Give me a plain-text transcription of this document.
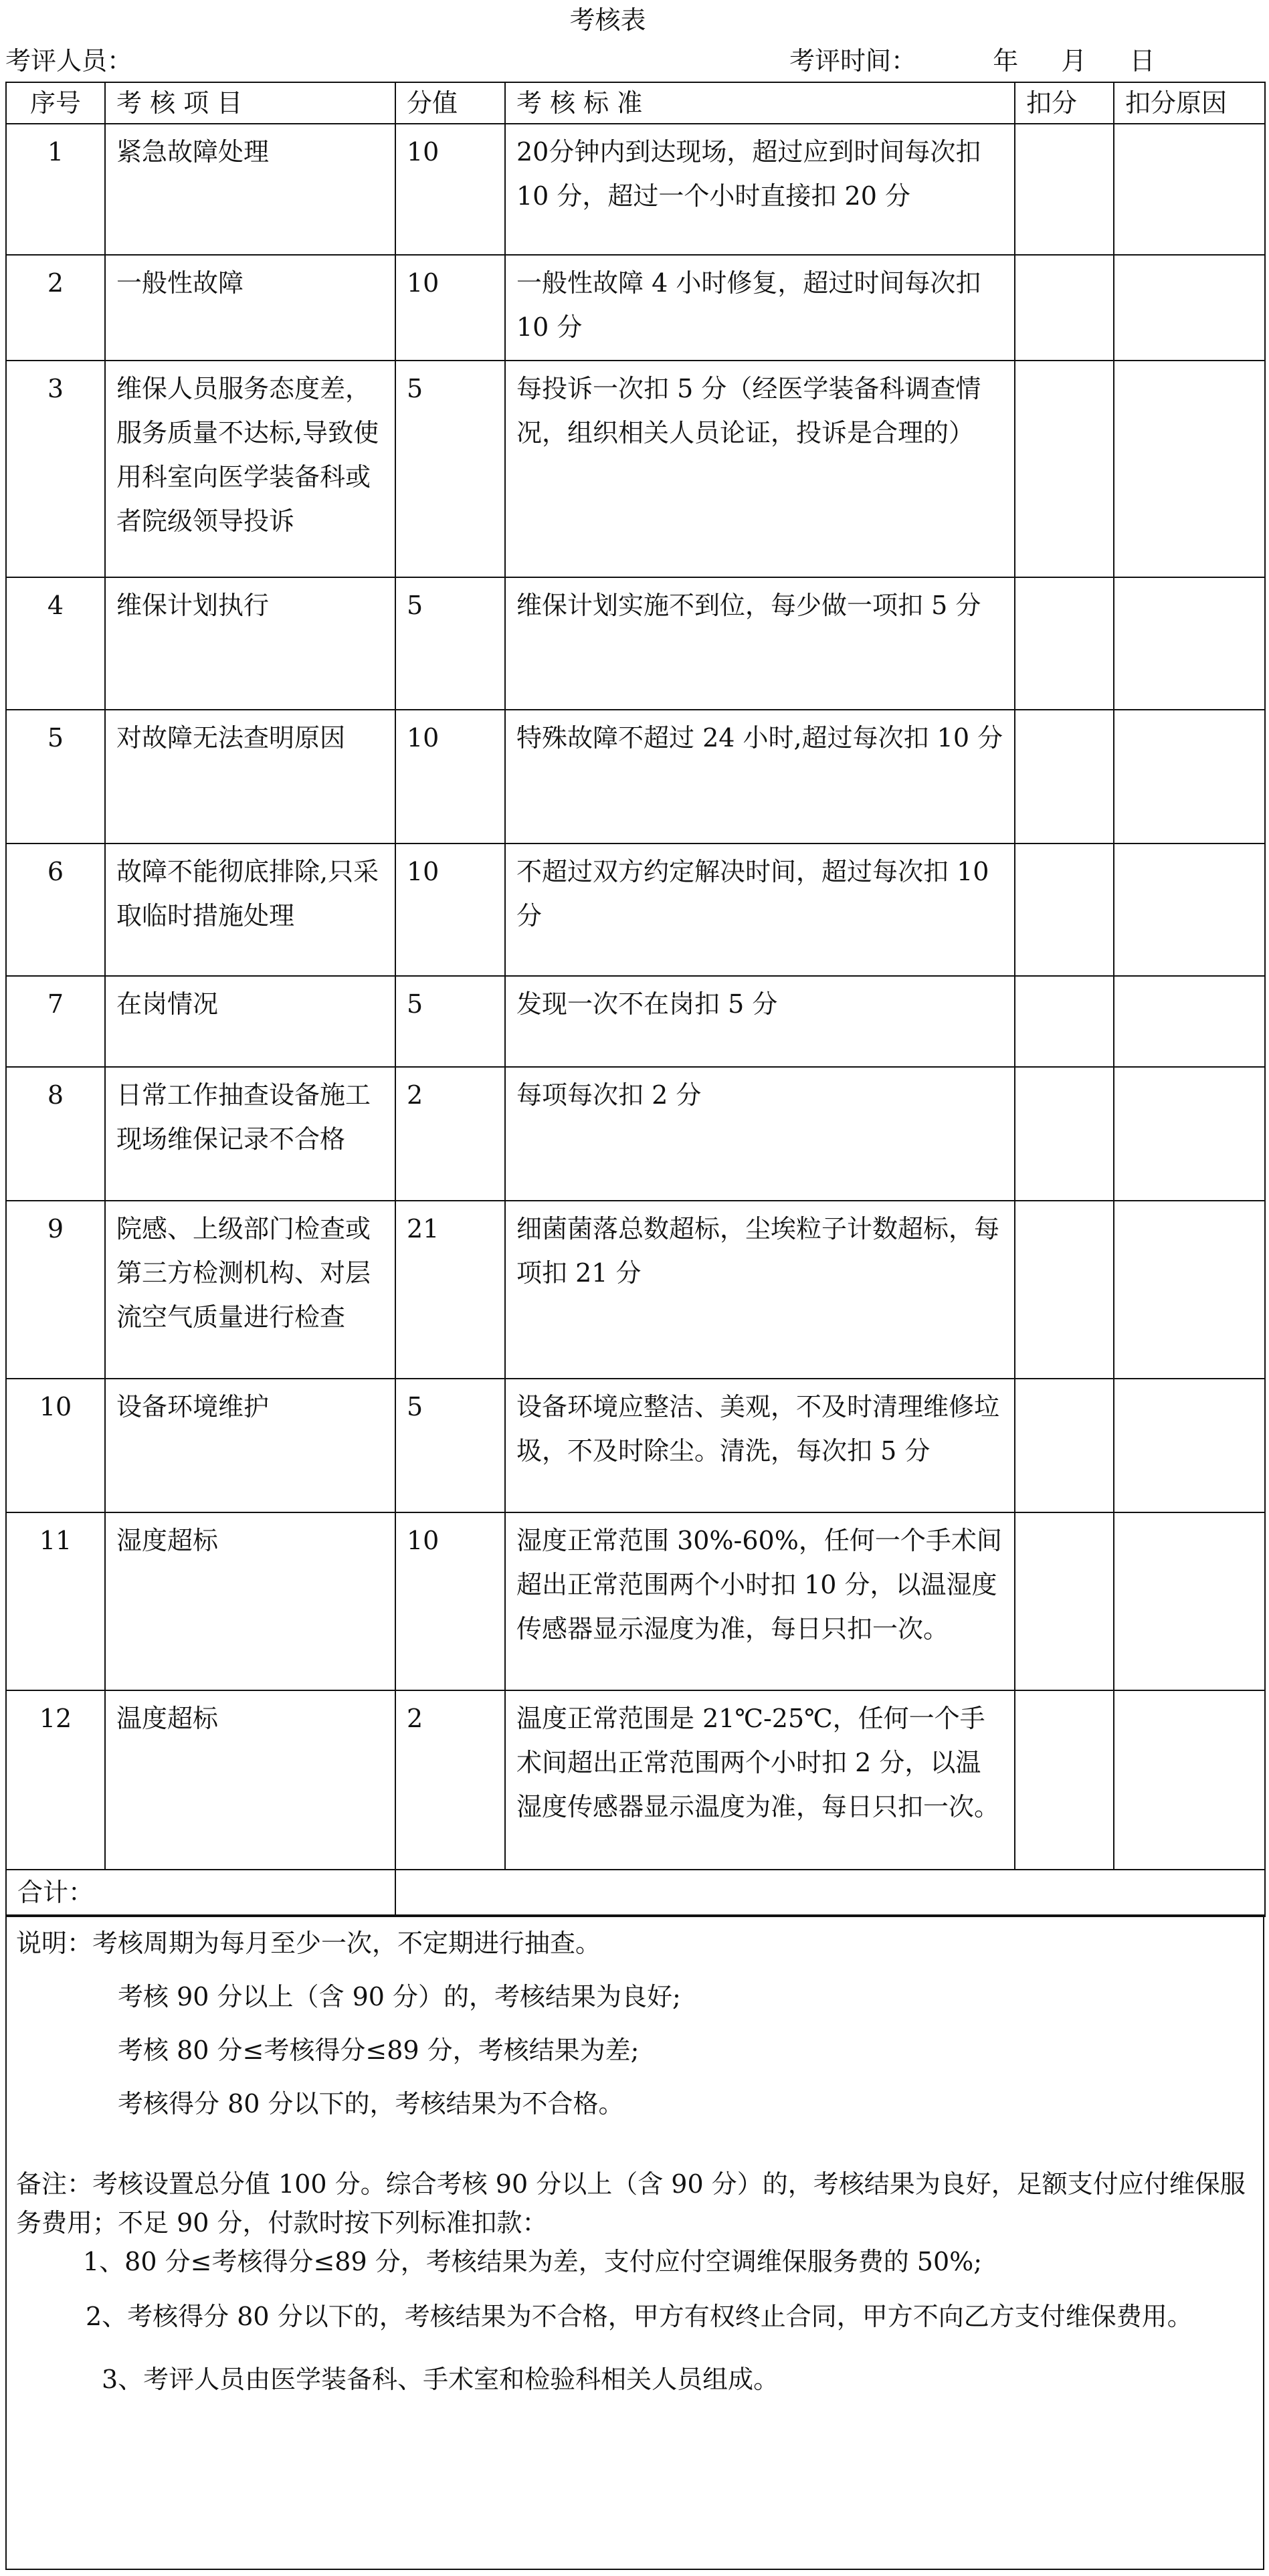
考核表
考评人员：	考评时间：	年 月 日
序号	考 核 项 目	分值	考 核 标 准	扣分	扣分原因
1	紧急故障处理	10	20分钟内到达现场，超过应到时间每次扣 10 分，超过一个小时直接扣 20 分		
2	一般性故障	10	一般性故障 4 小时修复，超过时间每次扣 10 分		
3	维保人员服务态度差，服务质量不达标,导致使用科室向医学装备科或者院级领导投诉	5	每投诉一次扣 5 分（经医学装备科调查情况，组织相关人员论证，投诉是合理的）		
4	维保计划执行	5	维保计划实施不到位，每少做一项扣 5 分		
5	对故障无法查明原因	10	特殊故障不超过 24 小时,超过每次扣 10 分		
6	故障不能彻底排除,只采取临时措施处理	10	不超过双方约定解决时间，超过每次扣 10 分		
7	在岗情况	5	发现一次不在岗扣 5 分		
8	日常工作抽查设备施工现场维保记录不合格	2	每项每次扣 2 分		
9	院感、上级部门检查或第三方检测机构、对层流空气质量进行检查	21	细菌菌落总数超标，尘埃粒子计数超标，每项扣 21 分		
10	设备环境维护	5	设备环境应整洁、美观，不及时清理维修垃圾，不及时除尘。清洗，每次扣 5 分		
11	湿度超标	10	湿度正常范围 30%-60%，任何一个手术间超出正常范围两个小时扣 10 分，以温湿度传感器显示湿度为准，每日只扣一次。		
12	温度超标	2	温度正常范围是 21℃-25℃，任何一个手术间超出正常范围两个小时扣 2 分，以温湿度传感器显示温度为准，每日只扣一次。		
合计：					

说明：考核周期为每月至少一次，不定期进行抽查。

考核 90 分以上（含 90 分）的，考核结果为良好;

考核 80 分≤考核得分≤89 分，考核结果为差;

考核得分 80 分以下的，考核结果为不合格。

备注：考核设置总分值 100 分。综合考核 90 分以上（含 90 分）的，考核结果为良好，足额支付应付维保服务费用；不足 90 分，付款时按下列标准扣款：

1、80 分≤考核得分≤89 分，考核结果为差，支付应付空调维保服务费的 50%;

2、考核得分 80 分以下的，考核结果为不合格，甲方有权终止合同，甲方不向乙方支付维保费用。

3、考评人员由医学装备科、手术室和检验科相关人员组成。
